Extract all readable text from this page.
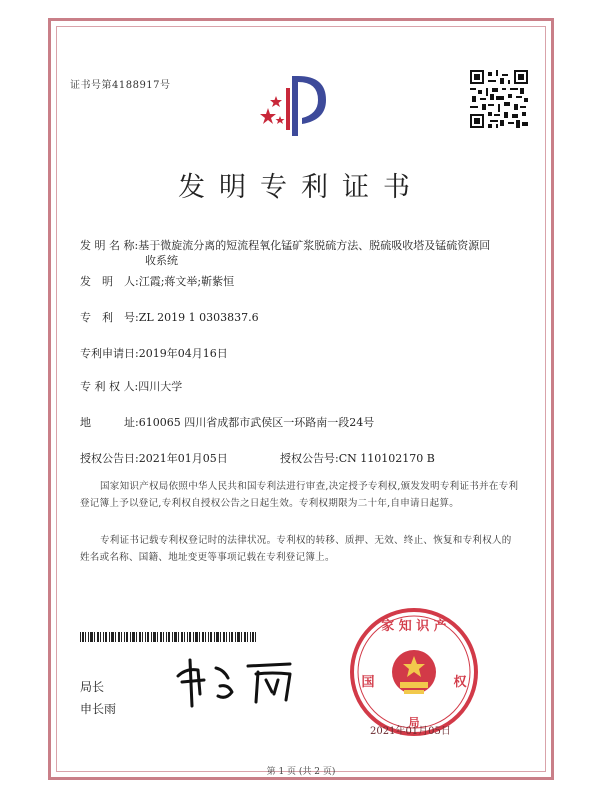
证书号第4188917号
发明专利证书
发 明 名 称:基于微旋流分离的短流程氧化锰矿浆脱硫方法、脱硫吸收塔及锰硫资源回
收系统
发　明　人:江霞;蒋文举;靳紫恒
专　利　号:ZL 2019 1 0303837.6
专利申请日:2019年04月16日
专 利 权 人:四川大学
地　　　址:610065 四川省成都市武侯区一环路南一段24号
授权公告日:2021年01月05日	授权公告号:CN 110102170 B
国家知识产权局依照中华人民共和国专利法进行审查,决定授予专利权,颁发发明专利证书并在专利登记簿上予以登记,专利权自授权公告之日起生效。专利权期限为二十年,自申请日起算。
专利证书记载专利权登记时的法律状况。专利权的转移、质押、无效、终止、恢复和专利权人的姓名或名称、国籍、地址变更等事项记载在专利登记簿上。
局长
申长雨
家 知 识 产
国	权
局
2021年01月05日
第 1 页 (共 2 页)
